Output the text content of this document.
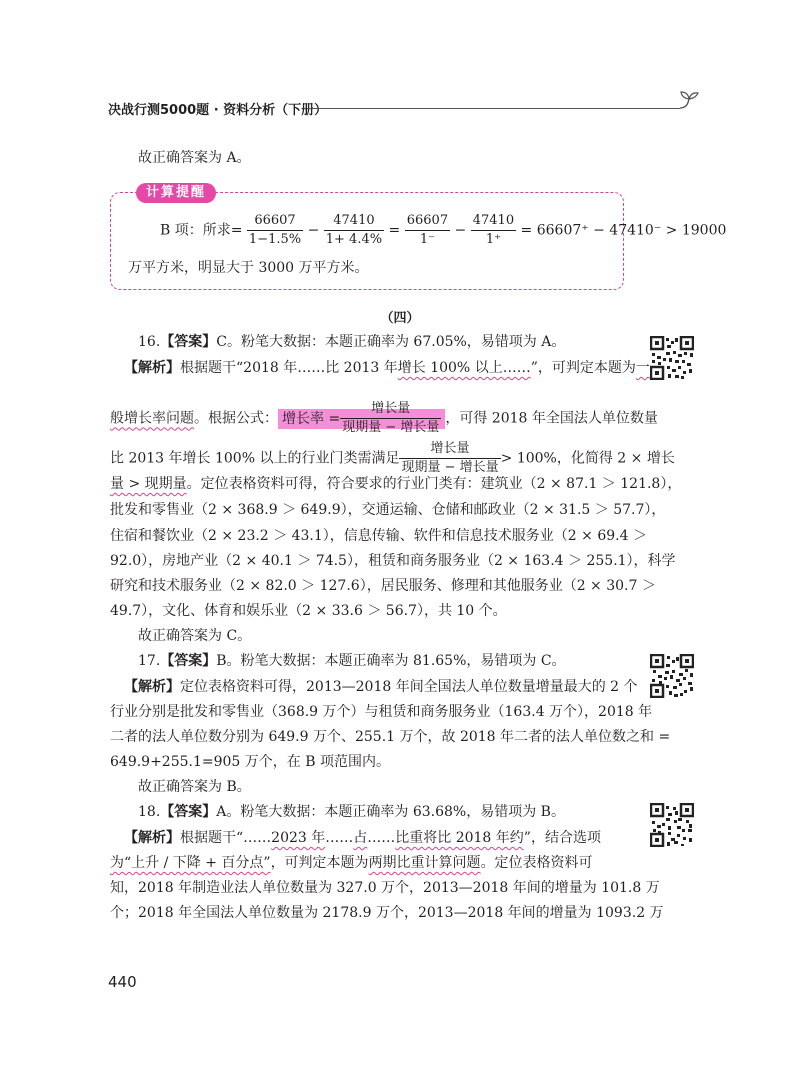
决战行测5000题 · 资料分析（下册）
故正确答案为 A。
计算提醒
B 项：所求= $\frac{66607}{1-1.5\%} - \frac{47410}{1+ 4.4\%} = \frac{66607}{1^-} - \frac{47410}{1^+} = 66607^+ - 47410^- > 19000$
万平方米，明显大于 3000 万平方米。
（四）
16.【答案】C。粉笔大数据：本题正确率为 67.05%，易错项为 A。
【解析】根据题干“2018 年……比 2013 年增长 100% 以上……”，可判定本题为一
般增长率问题。根据公式： 增长率 = $\frac{\text{增长量}}{\text{现期量 − 增长量}}$ ，可得 2018 年全国法人单位数量
比 2013 年增长 100% 以上的行业门类需满足 $\frac{\text{增长量}}{\text{现期量 − 增长量}} > 100\%$，化简得 2 × 增长
量 > 现期量。定位表格资料可得，符合要求的行业门类有：建筑业（2 × 87.1 ＞ 121.8），
批发和零售业（2 × 368.9 ＞ 649.9），交通运输、仓储和邮政业（2 × 31.5 ＞ 57.7），
住宿和餐饮业（2 × 23.2 ＞ 43.1），信息传输、软件和信息技术服务业（2 × 69.4 ＞
92.0），房地产业（2 × 40.1 ＞ 74.5），租赁和商务服务业（2 × 163.4 ＞ 255.1），科学
研究和技术服务业（2 × 82.0 ＞ 127.6），居民服务、修理和其他服务业（2 × 30.7 ＞
49.7），文化、体育和娱乐业（2 × 33.6 ＞ 56.7），共 10 个。
故正确答案为 C。
17.【答案】B。粉笔大数据：本题正确率为 81.65%，易错项为 C。
【解析】定位表格资料可得，2013—2018 年间全国法人单位数量增量最大的 2 个
行业分别是批发和零售业（368.9 万个）与租赁和商务服务业（163.4 万个），2018 年
二者的法人单位数分别为 649.9 万个、255.1 万个，故 2018 年二者的法人单位数之和 =
649.9+255.1=905 万个，在 B 项范围内。
故正确答案为 B。
18.【答案】A。粉笔大数据：本题正确率为 63.68%，易错项为 B。
【解析】根据题干“……2023 年……占……比重将比 2018 年约”，结合选项
为“上升 / 下降 + 百分点”，可判定本题为两期比重计算问题。定位表格资料可
知，2018 年制造业法人单位数量为 327.0 万个，2013—2018 年间的增量为 101.8 万
个；2018 年全国法人单位数量为 2178.9 万个，2013—2018 年间的增量为 1093.2 万
440
